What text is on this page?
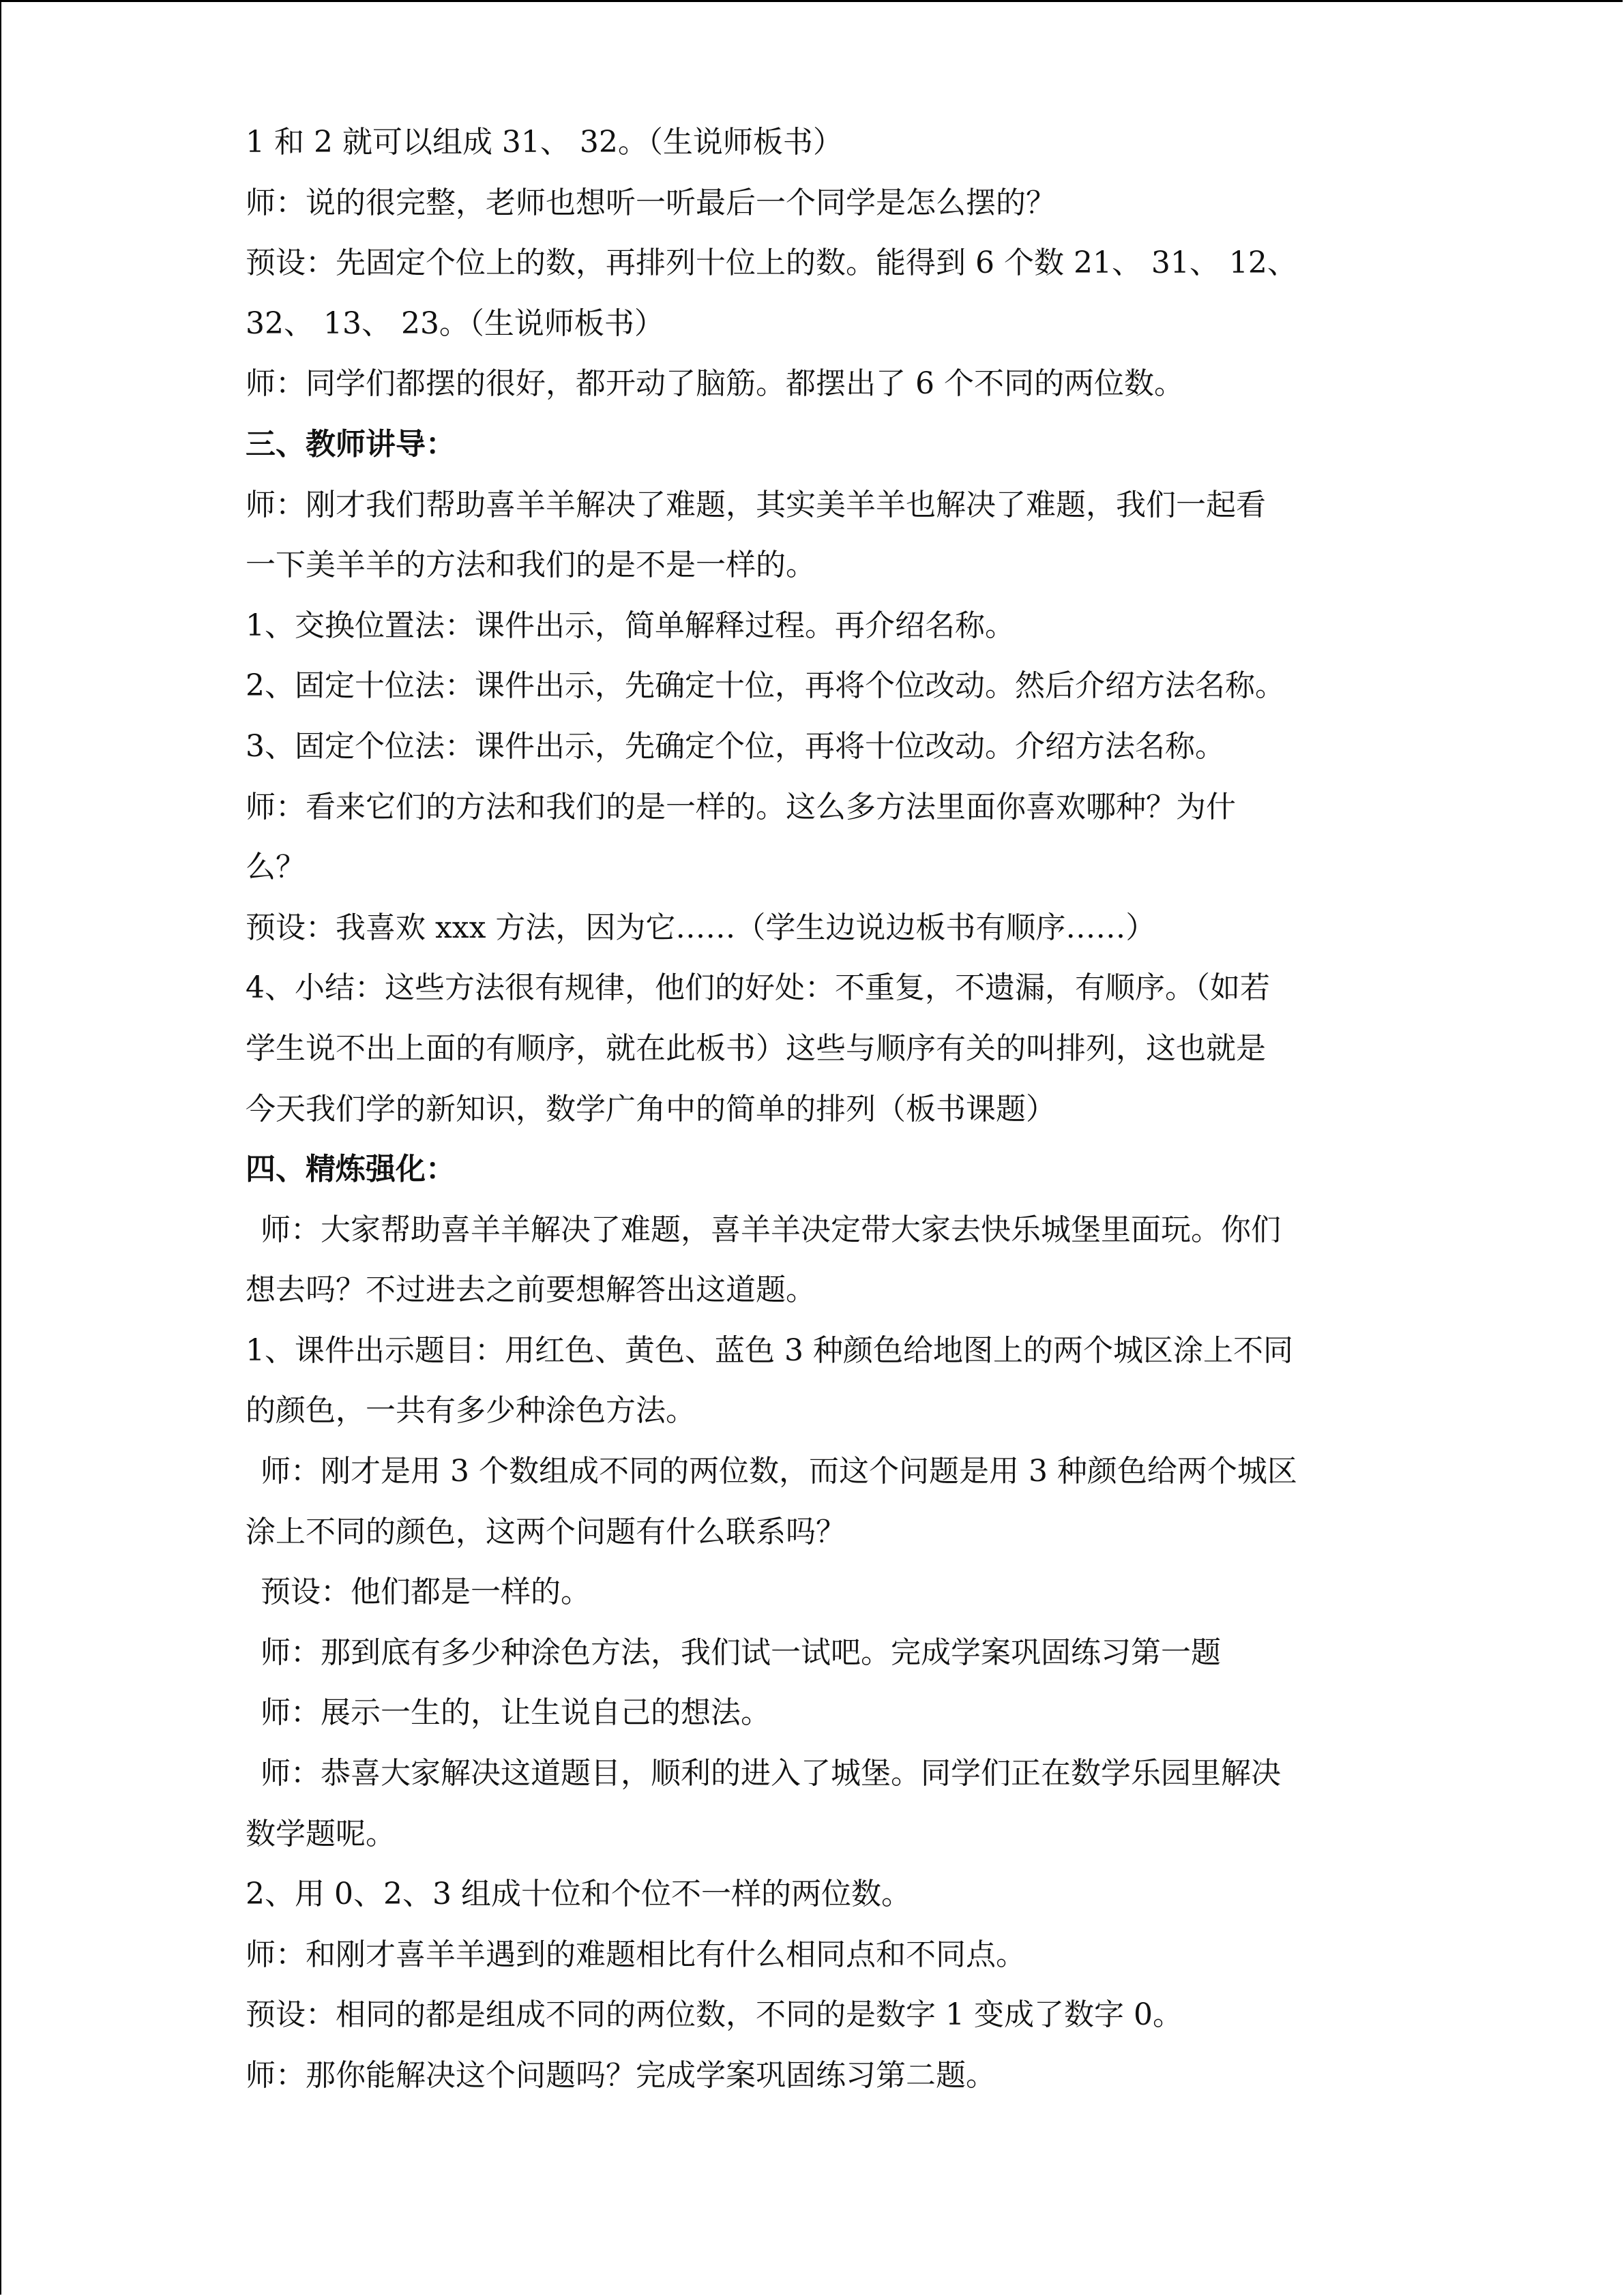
1 和 2 就可以组成 31、 32。（生说师板书）

师：说的很完整，老师也想听一听最后一个同学是怎么摆的？

预设：先固定个位上的数，再排列十位上的数。能得到 6 个数 21、 31、 12、

32、 13、 23。（生说师板书）

师：同学们都摆的很好，都开动了脑筋。都摆出了 6 个不同的两位数。

三、教师讲导：

师：刚才我们帮助喜羊羊解决了难题，其实美羊羊也解决了难题，我们一起看

一下美羊羊的方法和我们的是不是一样的。

1、交换位置法：课件出示，简单解释过程。再介绍名称。

2、固定十位法：课件出示，先确定十位，再将个位改动。然后介绍方法名称。

3、固定个位法：课件出示，先确定个位，再将十位改动。介绍方法名称。

师：看来它们的方法和我们的是一样的。这么多方法里面你喜欢哪种？为什

么？

预设：我喜欢 xxx 方法，因为它……（学生边说边板书有顺序……）

4、小结：这些方法很有规律，他们的好处：不重复，不遗漏，有顺序。（如若

学生说不出上面的有顺序，就在此板书）这些与顺序有关的叫排列，这也就是

今天我们学的新知识，数学广角中的简单的排列（板书课题）

四、精炼强化：

师：大家帮助喜羊羊解决了难题，喜羊羊决定带大家去快乐城堡里面玩。你们

想去吗？不过进去之前要想解答出这道题。

1、课件出示题目：用红色、黄色、蓝色 3 种颜色给地图上的两个城区涂上不同

的颜色，一共有多少种涂色方法。

师：刚才是用 3 个数组成不同的两位数，而这个问题是用 3 种颜色给两个城区

涂上不同的颜色，这两个问题有什么联系吗？

预设：他们都是一样的。

师：那到底有多少种涂色方法，我们试一试吧。完成学案巩固练习第一题

师：展示一生的，让生说自己的想法。

师：恭喜大家解决这道题目，顺利的进入了城堡。同学们正在数学乐园里解决

数学题呢。

2、用 0、2、3 组成十位和个位不一样的两位数。

师：和刚才喜羊羊遇到的难题相比有什么相同点和不同点。

预设：相同的都是组成不同的两位数，不同的是数字 1 变成了数字 0。

师：那你能解决这个问题吗？完成学案巩固练习第二题。
